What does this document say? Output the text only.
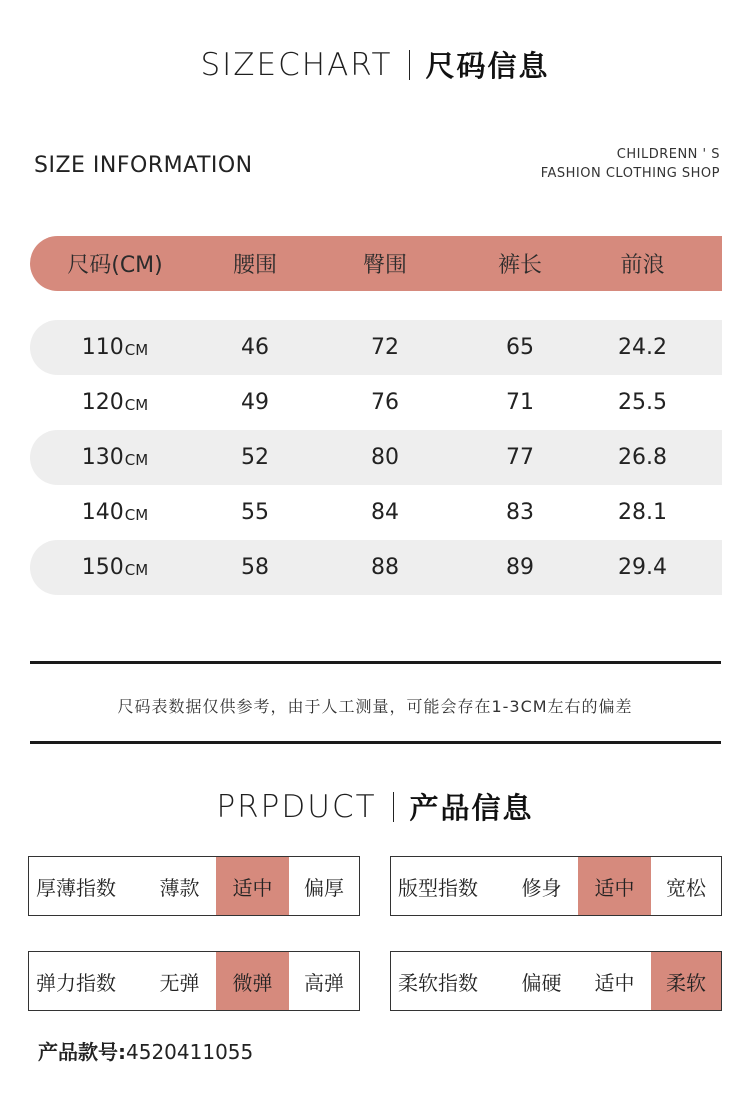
SIZECHART 尺码信息
SIZE INFORMATION	CHILDRENN ' S
FASHION CLOTHING SHOP
尺码(CM)	腰围	臀围	裤长	前浪
110 CM	46	72	65	24.2
120 CM	49	76	71	25.5
130 CM	52	80	77	26.8
140 CM	55	84	83	28.1
150 CM	58	88	89	29.4
尺码表数据仅供参考，由于人工测量，可能会存在1-3CM左右的偏差
PRPDUCT 产品信息
厚薄指数	薄款	适中	偏厚	版型指数	修身	适中	宽松
弹力指数	无弹	微弹	高弹	柔软指数	偏硬	适中	柔软
产品款号:4520411055
